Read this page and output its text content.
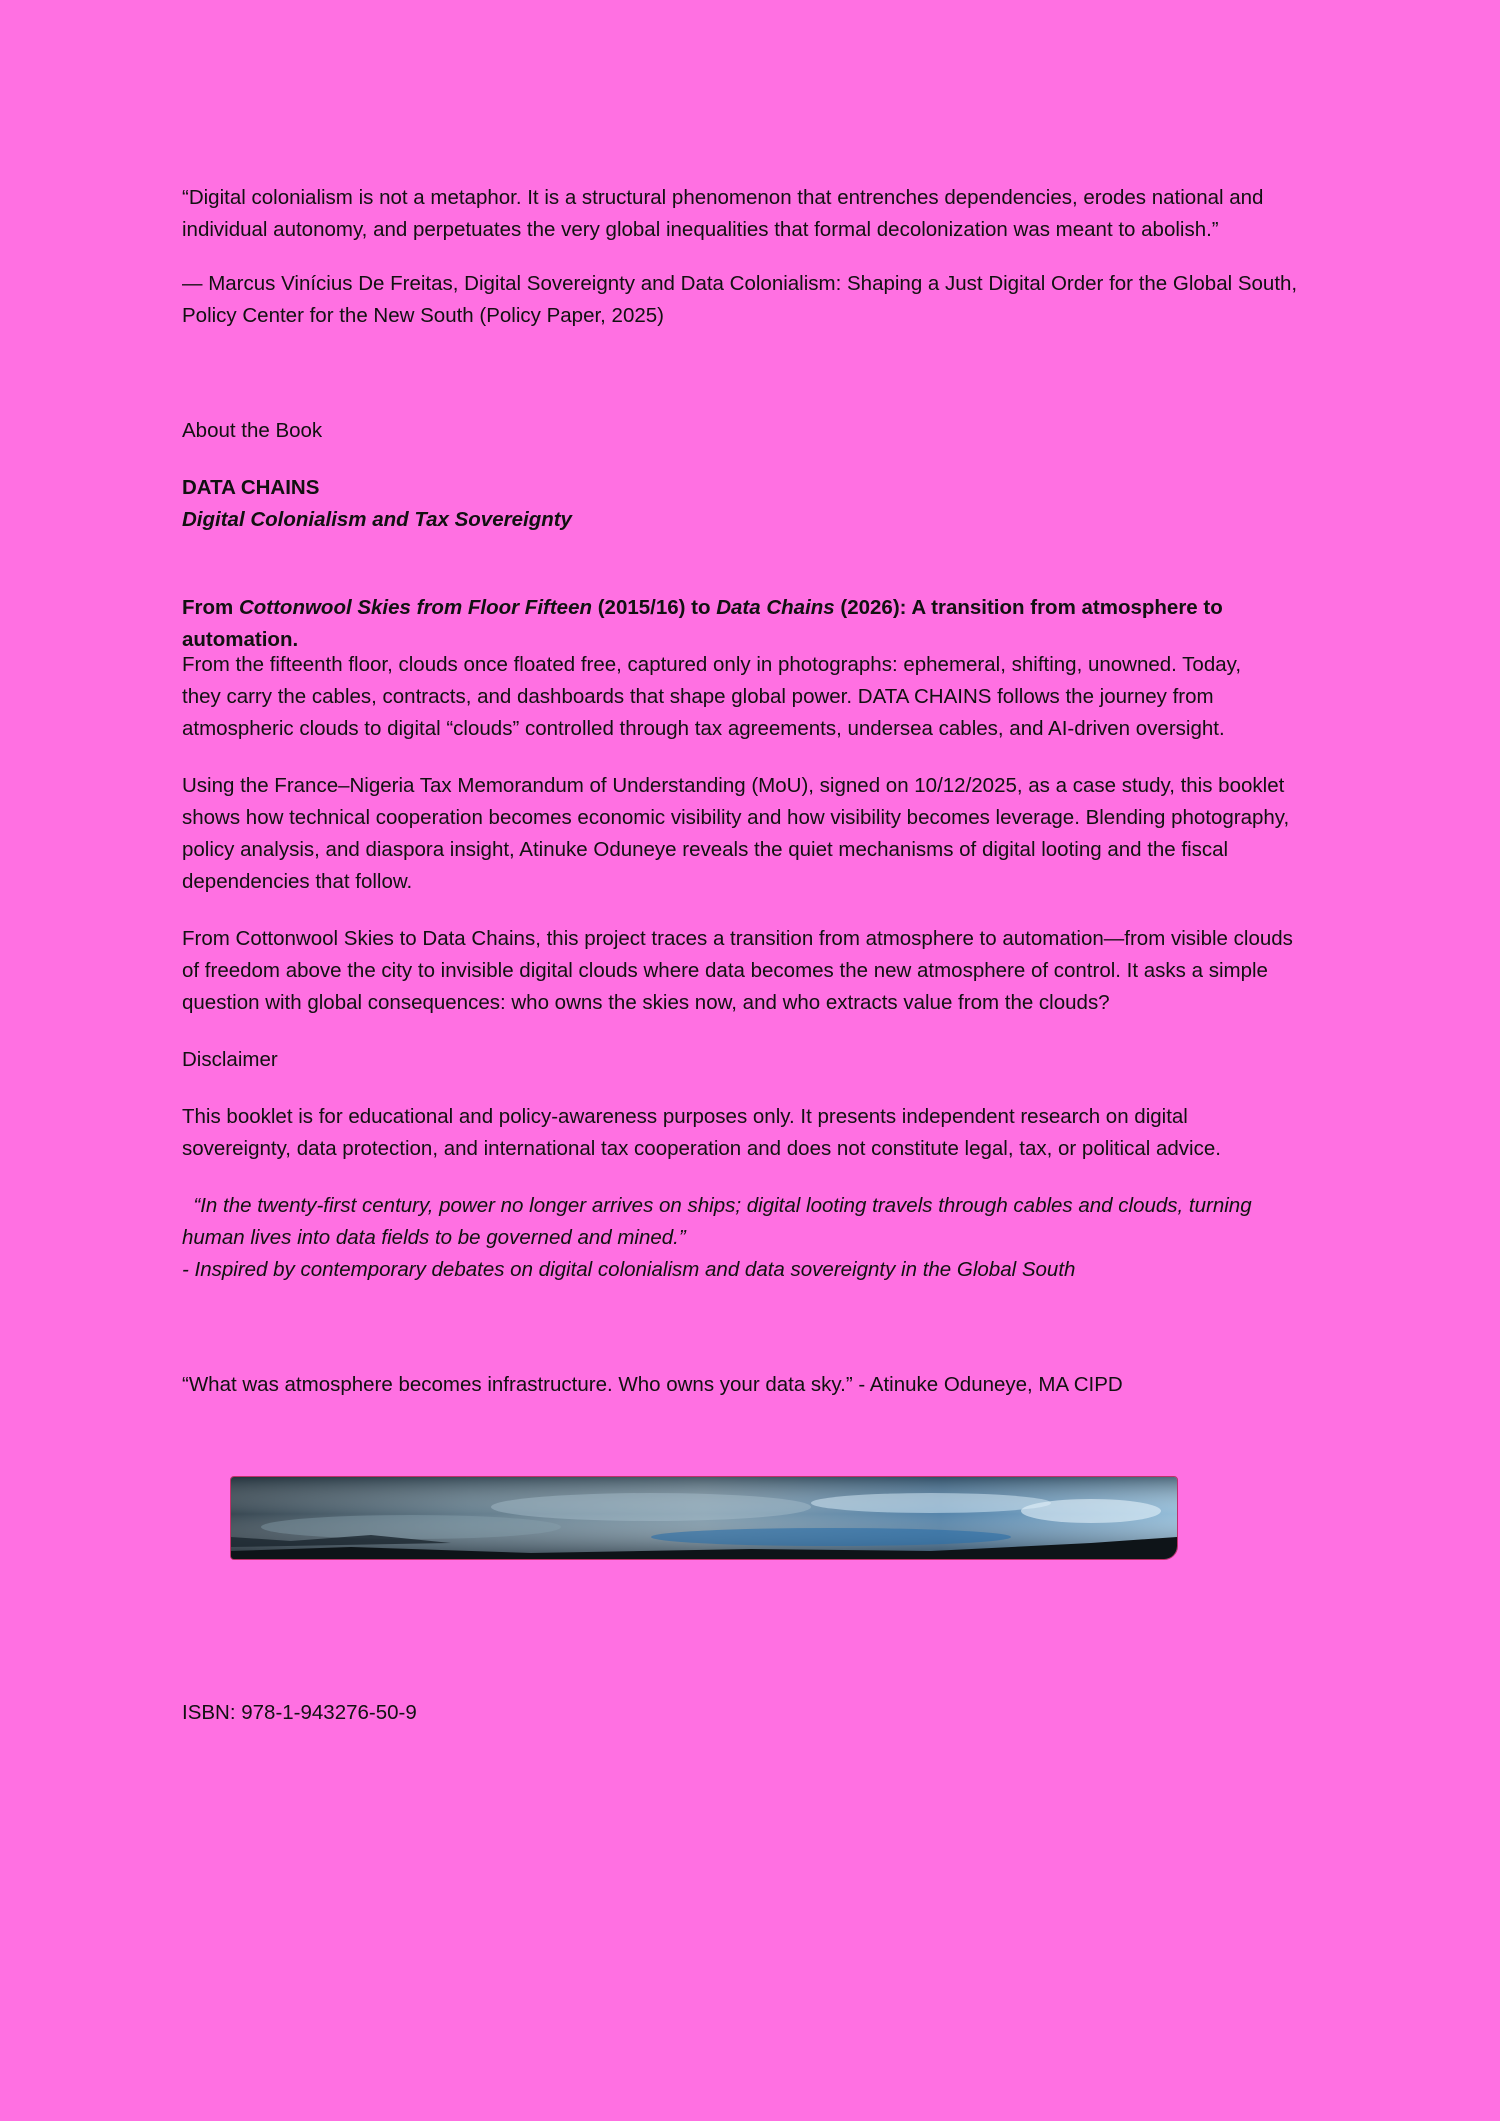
“Digital colonialism is not a metaphor. It is a structural phenomenon that entrenches dependencies, erodes national and
individual autonomy, and perpetuates the very global inequalities that formal decolonization was meant to abolish.”

— Marcus Vinícius De Freitas, Digital Sovereignty and Data Colonialism: Shaping a Just Digital Order for the Global South,
Policy Center for the New South (Policy Paper, 2025)

About the Book

DATA CHAINS
Digital Colonialism and Tax Sovereignty

From Cottonwool Skies from Floor Fifteen (2015/16) to Data Chains (2026): A transition from atmosphere to automation.

From the fifteenth floor, clouds once floated free, captured only in photographs: ephemeral, shifting, unowned. Today,
they carry the cables, contracts, and dashboards that shape global power. DATA CHAINS follows the journey from
atmospheric clouds to digital “clouds” controlled through tax agreements, undersea cables, and AI-driven oversight.

Using the France–Nigeria Tax Memorandum of Understanding (MoU), signed on 10/12/2025, as a case study, this booklet
shows how technical cooperation becomes economic visibility and how visibility becomes leverage. Blending photography,
policy analysis, and diaspora insight, Atinuke Oduneye reveals the quiet mechanisms of digital looting and the fiscal
dependencies that follow.

From Cottonwool Skies to Data Chains, this project traces a transition from atmosphere to automation—from visible clouds
of freedom above the city to invisible digital clouds where data becomes the new atmosphere of control. It asks a simple
question with global consequences: who owns the skies now, and who extracts value from the clouds?

Disclaimer

This booklet is for educational and policy-awareness purposes only. It presents independent research on digital
sovereignty, data protection, and international tax cooperation and does not constitute legal, tax, or political advice.

“In the twenty-first century, power no longer arrives on ships; digital looting travels through cables and clouds, turning
human lives into data fields to be governed and mined.”
- Inspired by contemporary debates on digital colonialism and data sovereignty in the Global South

“What was atmosphere becomes infrastructure. Who owns your data sky.” - Atinuke Oduneye, MA CIPD

ISBN: 978-1-943276-50-9
